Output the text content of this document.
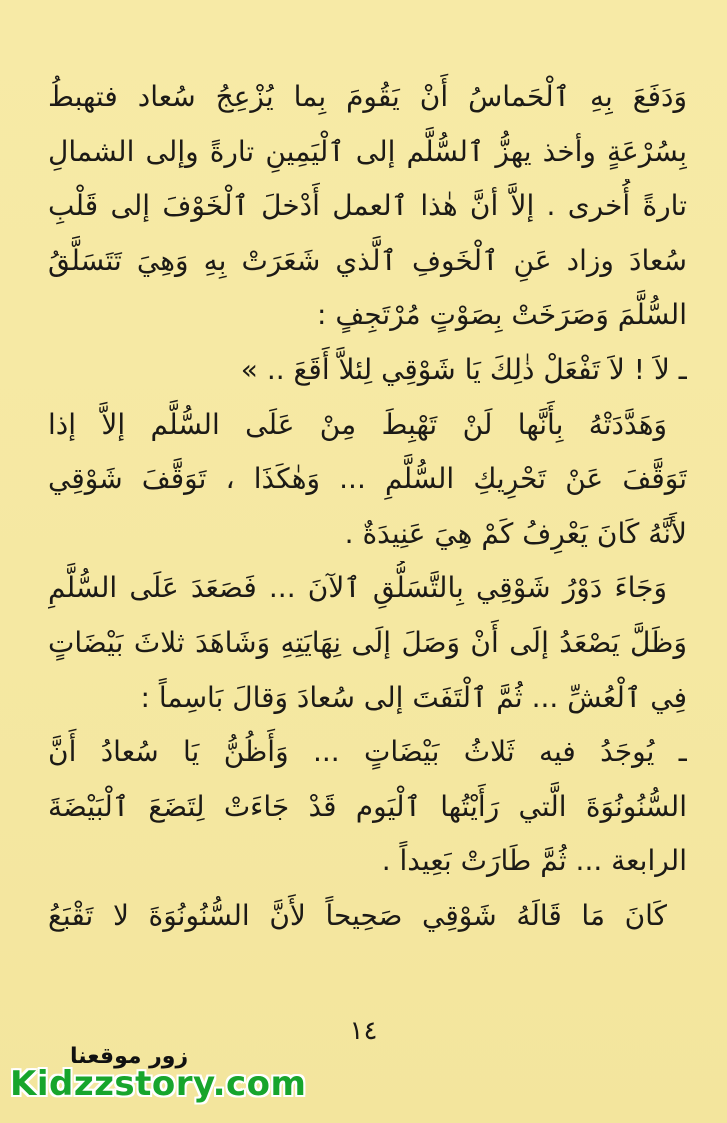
وَدَفَعَ بِهِ ٱلْحَماسُ أَنْ يَقُومَ بِما يُزْعِجُ سُعاد فتهبطُ
بِسُرْعَةٍ وأخذ يهزُّ ٱلسُّلَّم إلى ٱلْيَمِينِ تارةً وإلى الشمالِ
تارةً أُخرى . إلاَّ أنَّ هٰذا ٱلعمل أَدْخلَ ٱلْخَوْفَ إلى قَلْبِ
سُعادَ وزاد عَنِ ٱلْخَوفِ ٱلَّذي شَعَرَتْ بِهِ وَهِيَ تَتَسَلَّقُ
السُّلَّمَ وَصَرَخَتْ بِصَوْتٍ مُرْتَجِفٍ :
ـ لاَ ! لاَ تَفْعَلْ ذٰلِكَ يَا شَوْقِي لِئلاَّ أَقَعَ .. »
وَهَدَّدَتْهُ بِأَنَّها لَنْ تَهْبِطَ مِنْ عَلَى السُّلَّم إلاَّ إذا
تَوَقَّفَ عَنْ تَحْرِيكِ السُّلَّمِ ... وَهٰكَذَا ، تَوَقَّفَ شَوْقِي
لأَنَّهُ كَانَ يَعْرِفُ كَمْ هِيَ عَنِيدَةٌ .
وَجَاءَ دَوْرُ شَوْقِي بِالتَّسَلُّقِ ٱلآنَ ... فَصَعَدَ عَلَى السُّلَّمِ
وَظَلَّ يَصْعَدُ إلَى أَنْ وَصَلَ إلَى نِهَايَتِهِ وَشَاهَدَ ثلاثَ بَيْضَاتٍ
فِي ٱلْعُشِّ ... ثُمَّ ٱلْتَفَتَ إلى سُعادَ وَقالَ بَاسِماً :
ـ يُوجَدُ فيه ثَلاثُ بَيْضَاتٍ ... وَأَظُنُّ يَا سُعادُ أَنَّ
السُّنُونُوَةَ الَّتي رَأَيْتُها ٱلْيَوم قَدْ جَاءَتْ لِتَضَعَ ٱلْبَيْضَةَ
الرابعة ... ثُمَّ طَارَتْ بَعِيداً .
كَانَ مَا قَالَهُ شَوْقِي صَحِيحاً لأَنَّ السُّنُونُوَةَ لا تَقْبَعُ
١٤
زور موقعنا
Kidzzstory.com
